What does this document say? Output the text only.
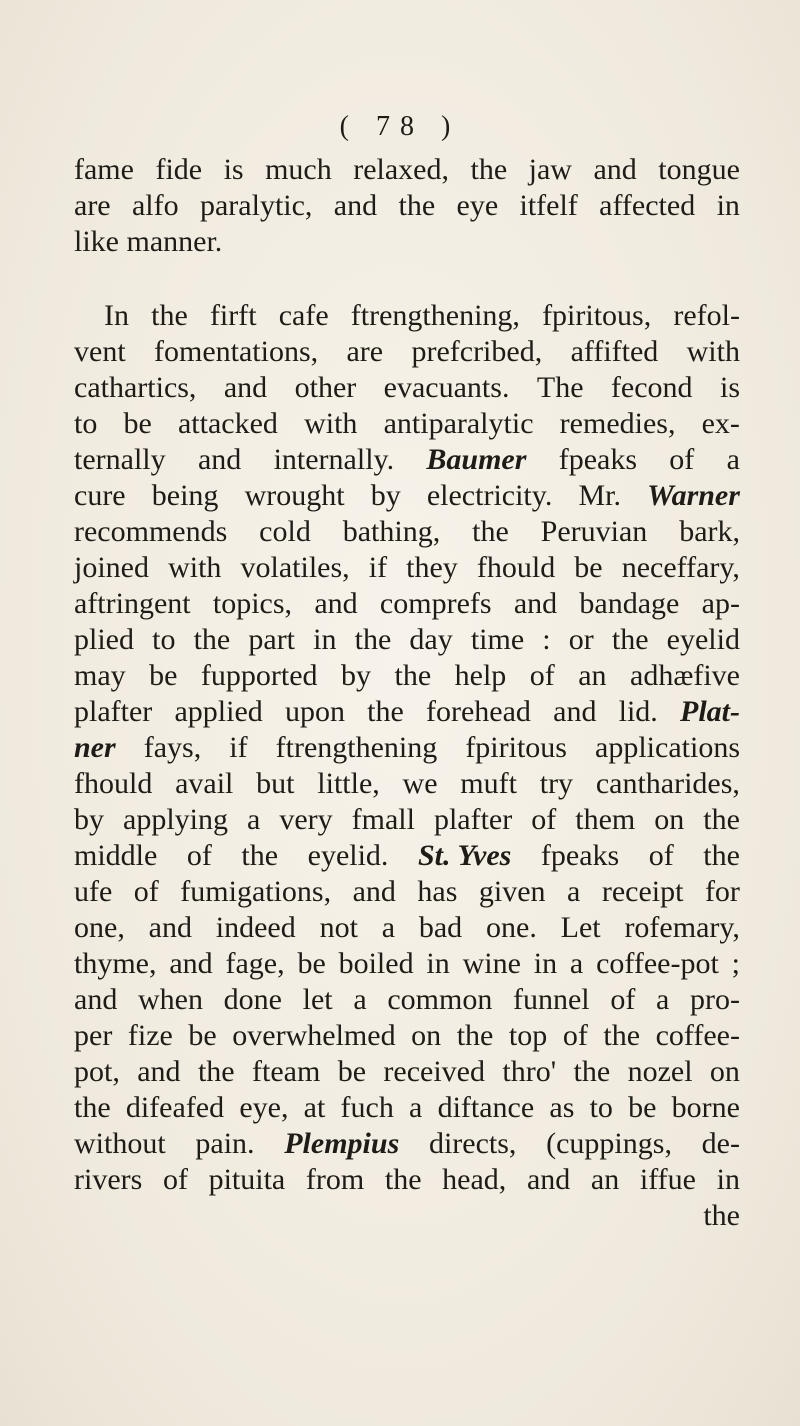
( 78 )
fame fide is much relaxed, the jaw and tongue
are alfo paralytic, and the eye itfelf affected in
like manner.
In the firft cafe ftrengthening, fpiritous, refol-
vent fomentations, are prefcribed, affifted with
cathartics, and other evacuants. The fecond is
to be attacked with antiparalytic remedies, ex-
ternally and internally. Baumer fpeaks of a
cure being wrought by electricity. Mr. Warner
recommends cold bathing, the Peruvian bark,
joined with volatiles, if they fhould be neceffary,
aftringent topics, and comprefs and bandage ap-
plied to the part in the day time : or the eyelid
may be fupported by the help of an adhæfive
plafter applied upon the forehead and lid. Plat-
ner fays, if ftrengthening fpiritous applications
fhould avail but little, we muft try cantharides,
by applying a very fmall plafter of them on the
middle of the eyelid. St. Yves fpeaks of the
ufe of fumigations, and has given a receipt for
one, and indeed not a bad one. Let rofemary,
thyme, and fage, be boiled in wine in a coffee-pot ;
and when done let a common funnel of a pro-
per fize be overwhelmed on the top of the coffee-
pot, and the fteam be received thro' the nozel on
the difeafed eye, at fuch a diftance as to be borne
without pain. Plempius directs, (cuppings, de-
rivers of pituita from the head, and an iffue in
the
